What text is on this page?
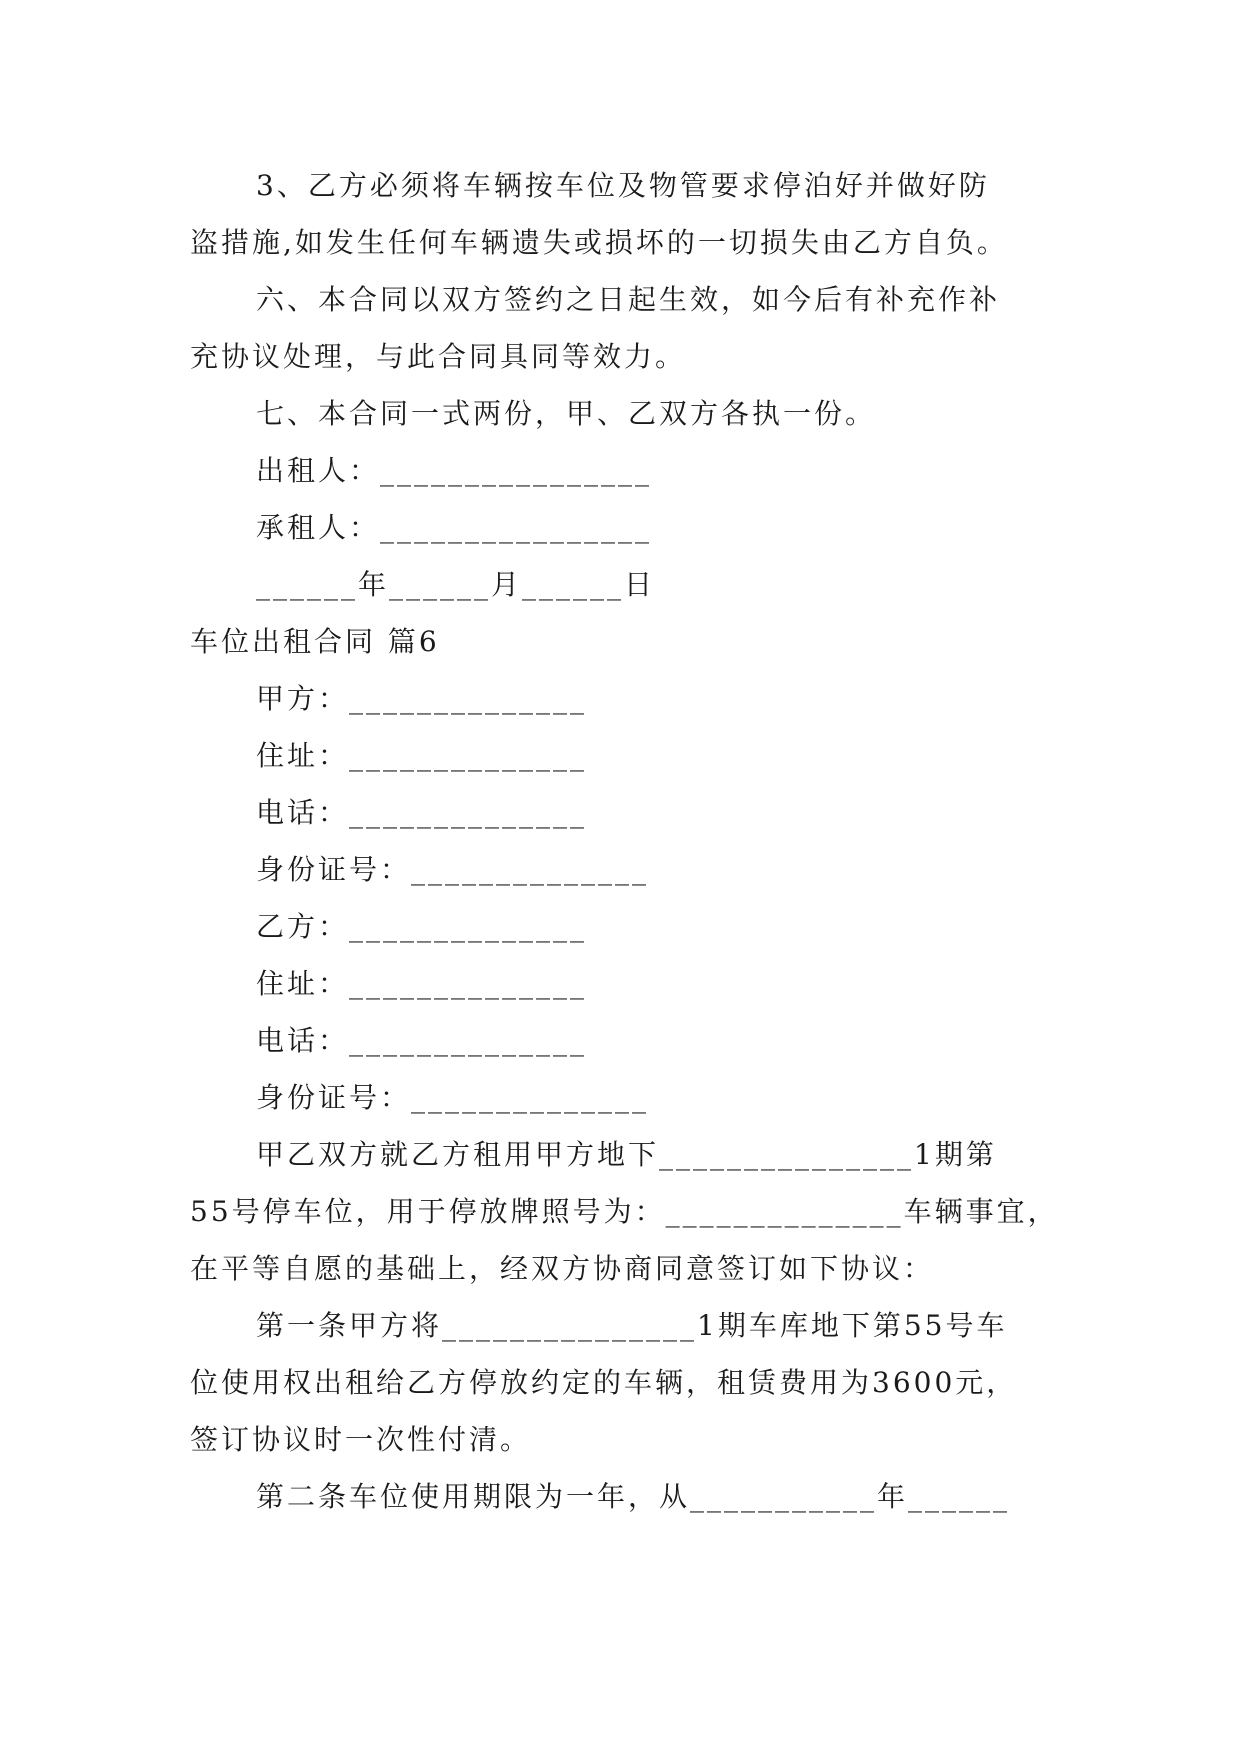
3、乙方必须将车辆按车位及物管要求停泊好并做好防
盗措施,如发生任何车辆遗失或损坏的一切损失由乙方自负。
六、本合同以双方签约之日起生效，如今后有补充作补
充协议处理，与此合同具同等效力。
七、本合同一式两份，甲、乙双方各执一份。
出租人：________________
承租人：________________
______年______月______日
车位出租合同 篇6
甲方：______________
住址：______________
电话：______________
身份证号：______________
乙方：______________
住址：______________
电话：______________
身份证号：______________
甲乙双方就乙方租用甲方地下_______________1期第
55号停车位，用于停放牌照号为：______________车辆事宜，
在平等自愿的基础上，经双方协商同意签订如下协议：
第一条甲方将_______________1期车库地下第55号车
位使用权出租给乙方停放约定的车辆，租赁费用为3600元，
签订协议时一次性付清。
第二条车位使用期限为一年，从___________年______
